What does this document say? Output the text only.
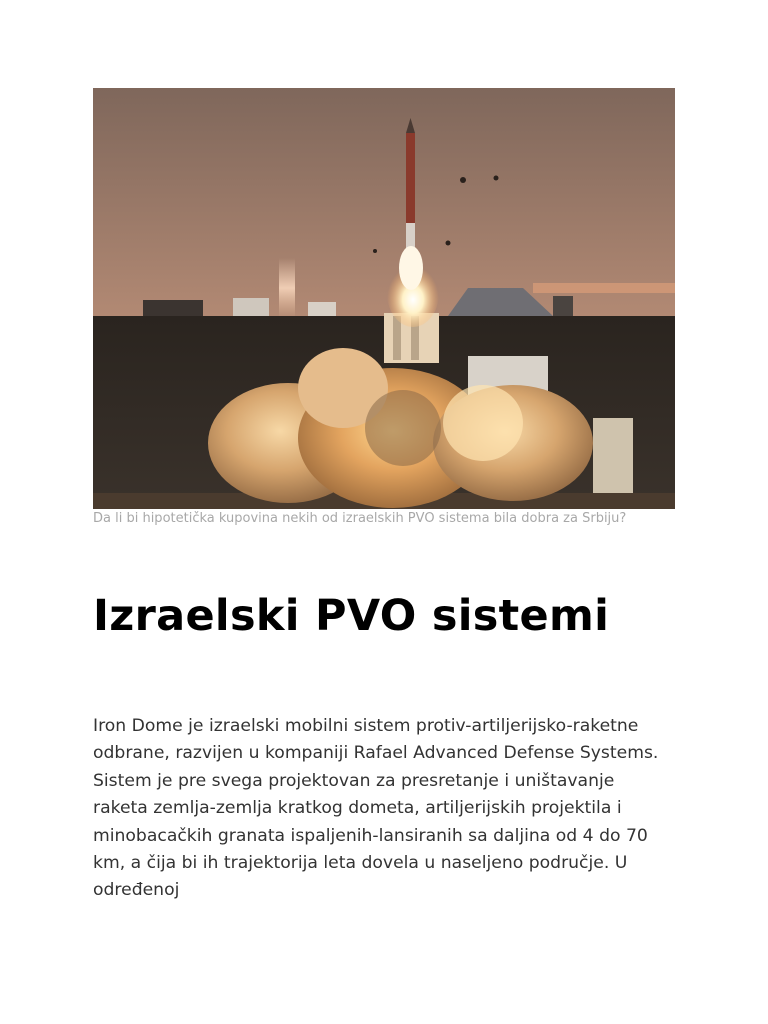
Da li bi hipotetička kupovina nekih od izraelskih PVO sistema bila dobra za Srbiju?
Izraelski PVO sistemi

Iron Dome je izraelski mobilni sistem protiv-artiljerijsko-raketne odbrane, razvijen u kompaniji Rafael Advanced Defense Systems. Sistem je pre svega projektovan za presretanje i uništavanje raketa zemlja-zemlja kratkog dometa, artiljerijskih projektila i minobacačkih granata ispaljenih-lansiranih sa daljina od 4 do 70 km, a čija bi ih trajektorija leta dovela u naseljeno područje. U određenoj
